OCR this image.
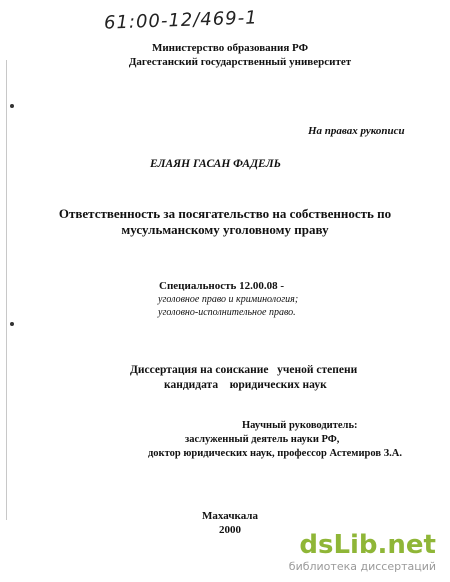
61:00-12/469-1
Министерство образования РФ
Дагестанский государственный университет
На правах рукописи
ЕЛАЯН ГАСАН ФАДЕЛЬ
Ответственность за посягательство на собственность по
мусульманскому уголовному праву
Специальность 12.00.08 -
уголовное право и криминология;
уголовно-исполнительное право.
Диссертация на соискание   ученой степени
кандидата    юридических наук
Научный руководитель:
заслуженный деятель науки РФ,
доктор юридических наук, профессор Астемиров З.А.
Махачкала
2000	dsLib.net
библиотека диссертаций
